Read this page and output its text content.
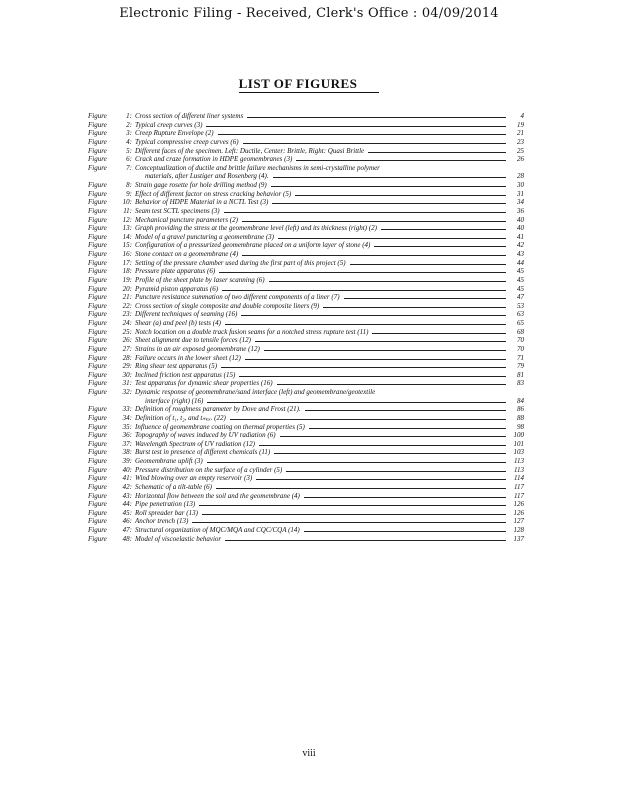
Electronic Filing - Received, Clerk's Office : 04/09/2014
LIST OF FIGURES
Figure	1: Cross section of different liner systems	4
Figure	2: Typical creep curves (3)	19
Figure	3: Creep Rupture Envelope (2)	21
Figure	4: Typical compressive creep curves (6)	23
Figure	5: Different faces of the specimen. Left: Ductile, Center: Brittle, Right: Quasi Brittle	25
Figure	6: Crack and craze formation in HDPE geomembranes (3)	26
Figure	7: Conceptualization of ductile and brittle failure mechanisms in semi-crystalline polymer
materials, after Lustiger and Rosenberg (4).	28
Figure	8: Strain gage rosette for hole drilling method (9)	30
Figure	9: Effect of different factor on stress cracking behavior (5)	31
Figure	10: Behavior of HDPE Material in a NCTL Test (3)	34
Figure	11: Seam test SCTL specimens (3)	36
Figure	12: Mechanical puncture parameters (2)	40
Figure	13: Graph providing the stress at the geomembrane level (left) and its thickness (right) (2)	40
Figure	14: Model of a gravel puncturing a geomembrane (3)	41
Figure	15: Configuration of a pressurized geomembrane placed on a uniform layer of stone (4)	42
Figure	16: Stone contact on a geomembrane (4)	43
Figure	17: Setting of the pressure chamber used during the first part of this project (5)	44
Figure	18: Pressure plate apparatus (6)	45
Figure	19: Profile of the sheet plate by laser scanning (6)	45
Figure	20: Pyramid piston apparatus (6)	45
Figure	21: Puncture resistance summation of two different components of a liner (7)	47
Figure	22: Cross section of single composite and double composite liners (9)	53
Figure	23: Different techniques of seaming (16)	63
Figure	24: Shear (a) and peel (b) tests (4)	65
Figure	25: Notch location on a double track fusion seams for a notched stress rupture test (11)	68
Figure	26: Sheet alignment due to tensile forces (12)	70
Figure	27: Strains in an air exposed geomembrane (12)	70
Figure	28: Failure occurs in the lower sheet (12)	71
Figure	29: Ring shear test apparatus (5)	79
Figure	30: Inclined friction test apparatus (15)	81
Figure	31: Test apparatus for dynamic shear properties (16)	83
Figure	32: Dynamic response of geomembrane/sand interface (left) and geomembrane/geotextile
interface (right) (16)	84
Figure	33: Definition of roughness parameter by Dove and Frost (21).	86
Figure	34: Definition of t₁, t₂, and tₘₐₓ. (22)	88
Figure	35: Influence of geomembrane coating on thermal properties (5)	98
Figure	36: Topography of waves induced by UV radiation (6)	100
Figure	37: Wavelength Spectrum of UV radiation (12)	101
Figure	38: Burst test in presence of different chemicals (11)	103
Figure	39: Geomembrane uplift (3)	113
Figure	40: Pressure distribution on the surface of a cylinder (5)	113
Figure	41: Wind blowing over an empty reservoir (3)	114
Figure	42: Schematic of a tilt-table (6)	117
Figure	43: Horizontal flow between the soil and the geomembrane (4)	117
Figure	44: Pipe penetration (13)	126
Figure	45: Roll spreader bar (13)	126
Figure	46: Anchor trench (13)	127
Figure	47: Structural organization of MQC/MQA and CQC/CQA (14)	128
Figure	48: Model of viscoelastic behavior	137
viii
